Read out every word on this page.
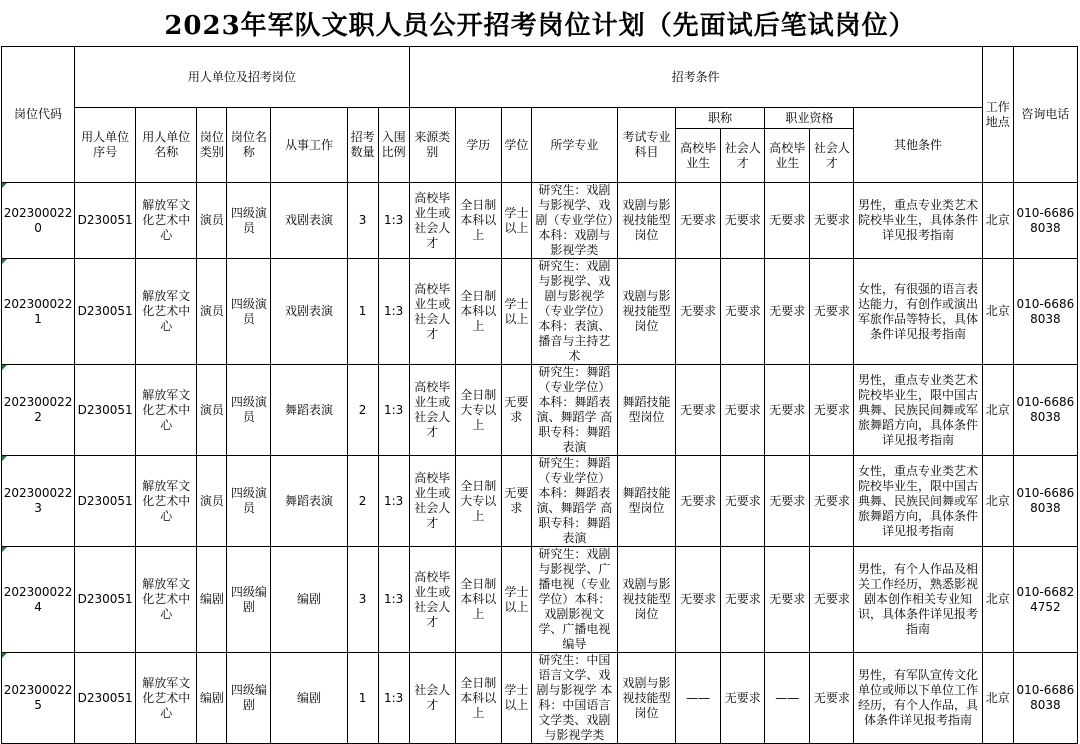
2023年军队文职人员公开招考岗位计划（先面试后笔试岗位）
岗位代码	用人单位及招考岗位							招考条件										工作地点	咨询电话
	用人单位序号	用人单位名称	岗位类别	岗位名称	从事工作	招考数量	入围比例	来源类别	学历	学位	所学专业	考试专业科目	职称		职业资格		其他条件		
													高校毕业生	社会人才	高校毕业生	社会人才			
2023000220	D230051	解放军文化艺术中心	演员	四级演员	戏剧表演	3	1:3	高校毕业生或社会人才	全日制本科以上	学士以上	研究生：戏剧与影视学、戏剧（专业学位）本科：戏剧与影视学类	戏剧与影视技能型岗位	无要求	无要求	无要求	无要求	男性，重点专业类艺术院校毕业生，具体条件详见报考指南	北京	010-66868038
2023000221	D230051	解放军文化艺术中心	演员	四级演员	戏剧表演	1	1:3	高校毕业生或社会人才	全日制本科以上	学士以上	研究生：戏剧与影视学、戏剧与影视学（专业学位）本科：表演、播音与主持艺术	戏剧与影视技能型岗位	无要求	无要求	无要求	无要求	女性，有很强的语言表达能力，有创作或演出军旅作品等特长，具体条件详见报考指南	北京	010-66868038
2023000222	D230051	解放军文化艺术中心	演员	四级演员	舞蹈表演	2	1:3	高校毕业生或社会人才	全日制大专以上	无要求	研究生：舞蹈（专业学位）本科：舞蹈表演、舞蹈学 高职专科：舞蹈表演	舞蹈技能型岗位	无要求	无要求	无要求	无要求	男性，重点专业类艺术院校毕业生，限中国古典舞、民族民间舞或军旅舞蹈方向，具体条件详见报考指南	北京	010-66868038
2023000223	D230051	解放军文化艺术中心	演员	四级演员	舞蹈表演	2	1:3	高校毕业生或社会人才	全日制大专以上	无要求	研究生：舞蹈（专业学位）本科：舞蹈表演、舞蹈学 高职专科：舞蹈表演	舞蹈技能型岗位	无要求	无要求	无要求	无要求	女性，重点专业类艺术院校毕业生，限中国古典舞、民族民间舞或军旅舞蹈方向，具体条件详见报考指南	北京	010-66868038
2023000224	D230051	解放军文化艺术中心	编剧	四级编剧	编剧	3	1:3	高校毕业生或社会人才	全日制本科以上	学士以上	研究生：戏剧与影视学、广播电视（专业学位）本科：戏剧影视文学、广播电视编导	戏剧与影视技能型岗位	无要求	无要求	无要求	无要求	男性，有个人作品及相关工作经历，熟悉影视剧本创作相关专业知识，具体条件详见报考指南	北京	010-66824752
2023000225	D230051	解放军文化艺术中心	编剧	四级编剧	编剧	1	1:3	社会人才	全日制本科以上	学士以上	研究生：中国语言文学、戏剧与影视学 本科：中国语言文学类、戏剧与影视学类	戏剧与影视技能型岗位	——	无要求	——	无要求	男性，有军队宣传文化单位或师以下单位工作经历，有个人作品，具体条件详见报考指南	北京	010-66868038
